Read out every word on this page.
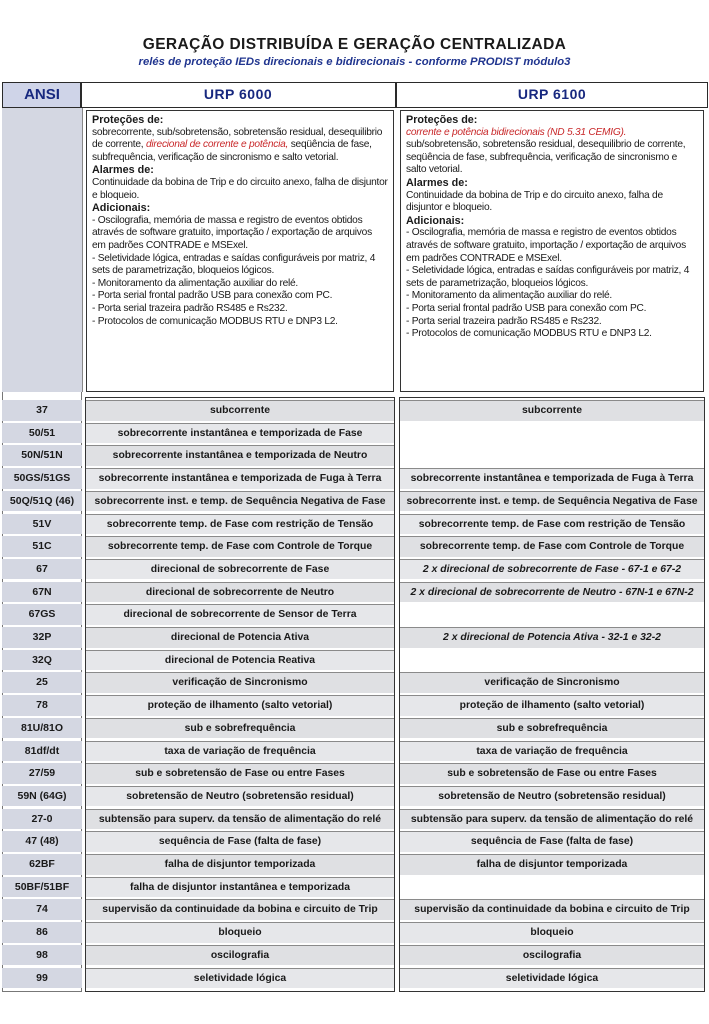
GERAÇÃO DISTRIBUÍDA E GERAÇÃO CENTRALIZADA
relés de proteção IEDs direcionais e bidirecionais - conforme PRODIST módulo3
ANSI	URP 6000	URP 6100

Proteções de:

sobrecorrente, sub/sobretensão, sobretensão residual, desequilibrio de corrente, direcional de corrente e potência, seqüência de fase, subfrequência, verificação de sincronismo e salto vetorial.

Alarmes de:

Continuidade da bobina de Trip e do circuito anexo, falha de disjuntor e bloqueio.

Adicionais:

- Oscilografia, memória de massa e registro de eventos obtidos através de software gratuito, importação / exportação de arquivos em padrões CONTRADE e MSExel.

- Seletividade lógica, entradas e saídas configuráveis por matriz, 4 sets de parametrização, bloqueios lógicos.

- Monitoramento da alimentação auxiliar do relé.

- Porta serial frontal padrão USB para conexão com PC.

- Porta serial trazeira padrão RS485 e Rs232.

- Protocolos de comunicação MODBUS RTU e DNP3 L2.

Proteções de:

corrente e potência bidirecionais (ND 5.31 CEMIG). sub/sobretensão, sobretensão residual, desequilibrio de corrente, seqüência de fase, subfrequência, verificação de sincronismo e salto vetorial.

Alarmes de:

Continuidade da bobina de Trip e do circuito anexo, falha de disjuntor e bloqueio.

Adicionais:

- Oscilografia, memória de massa e registro de eventos obtidos através de software gratuito, importação / exportação de arquivos em padrões CONTRADE e MSExel.

- Seletividade lógica, entradas e saídas configuráveis por matriz, 4 sets de parametrização, bloqueios lógicos.

- Monitoramento da alimentação auxiliar do relé.

- Porta serial frontal padrão USB para conexão com PC.

- Porta serial trazeira padrão RS485 e Rs232.

- Protocolos de comunicação MODBUS RTU e DNP3 L2.

37	subcorrente	subcorrente
50/51	sobrecorrente instantânea e temporizada de Fase
50N/51N	sobrecorrente instantânea e temporizada de Neutro
50GS/51GS	sobrecorrente instantânea e temporizada de Fuga à Terra	sobrecorrente instantânea e temporizada de Fuga à Terra
50Q/51Q (46)	sobrecorrente inst. e temp. de Sequência Negativa de Fase	sobrecorrente inst. e temp. de Sequência Negativa de Fase
51V	sobrecorrente temp. de Fase com restrição de Tensão	sobrecorrente temp. de Fase com restrição de Tensão
51C	sobrecorrente temp. de Fase com Controle de Torque	sobrecorrente temp. de Fase com Controle de Torque
67	direcional de sobrecorrente de Fase	2 x direcional de sobrecorrente de Fase - 67-1 e 67-2
67N	direcional de sobrecorrente de Neutro	2 x direcional de sobrecorrente de Neutro - 67N-1 e 67N-2
67GS	direcional de sobrecorrente de Sensor de Terra
32P	direcional de Potencia Ativa	2 x direcional de Potencia Ativa - 32-1 e 32-2
32Q	direcional de Potencia Reativa
25	verificação de Sincronismo	verificação de Sincronismo
78	proteção de ilhamento (salto vetorial)	proteção de ilhamento (salto vetorial)
81U/81O	sub e sobrefrequência	sub e sobrefrequência
81df/dt	taxa de variação de frequência	taxa de variação de frequência
27/59	sub e sobretensão de Fase ou entre Fases	sub e sobretensão de Fase ou entre Fases
59N (64G)	sobretensão de Neutro (sobretensão residual)	sobretensão de Neutro (sobretensão residual)
27-0	subtensão para superv. da tensão de alimentação do relé	subtensão para superv. da tensão de alimentação do relé
47 (48)	sequência de Fase (falta de fase)	sequência de Fase (falta de fase)
62BF	falha de disjuntor temporizada	falha de disjuntor temporizada
50BF/51BF	falha de disjuntor instantânea e temporizada
74	supervisão da continuidade da bobina e circuito de Trip	supervisão da continuidade da bobina e circuito de Trip
86	bloqueio	bloqueio
98	oscilografia	oscilografia
99	seletividade lógica	seletividade lógica
